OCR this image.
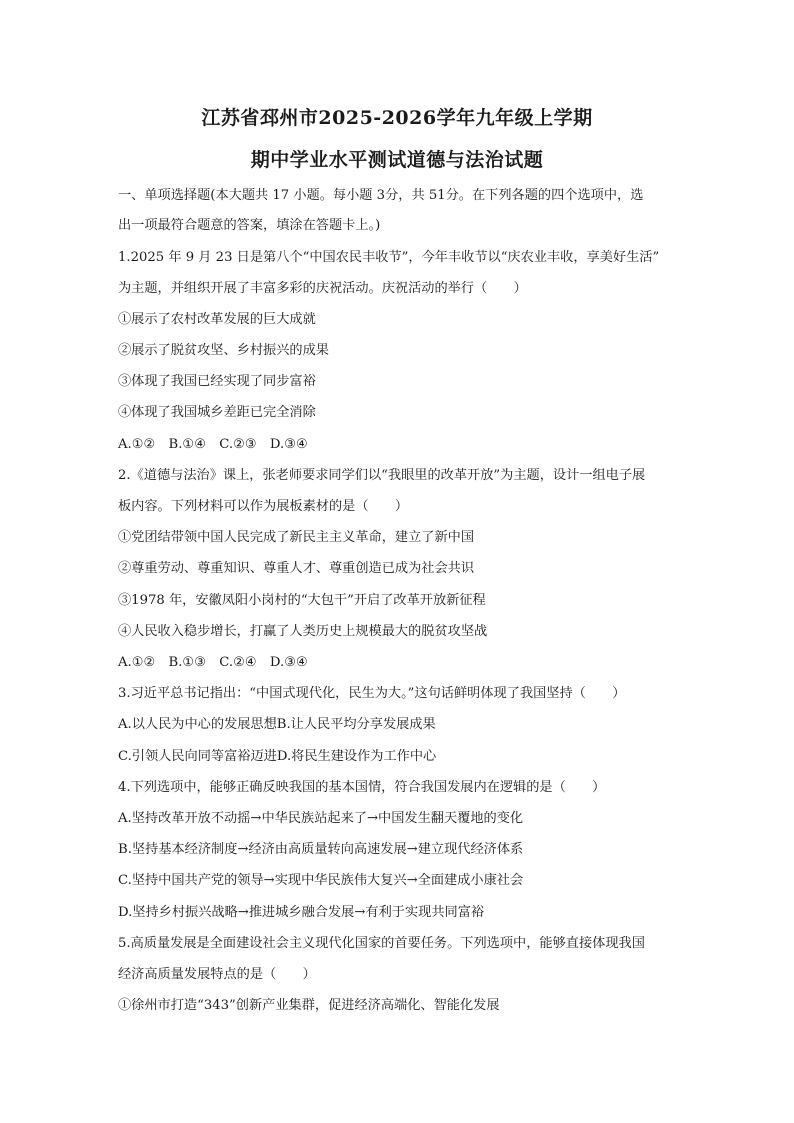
江苏省邳州市2025-2026学年九年级上学期
期中学业水平测试道德与法治试题
一、单项选择题(本大题共 17 小题。每小题 3分，共 51分。在下列各题的四个选项中，选
出一项最符合题意的答案，填涂在答题卡上。)
1.2025 年 9 月 23 日是第八个“中国农民丰收节”，今年丰收节以“庆农业丰收，享美好生活”
为主题，并组织开展了丰富多彩的庆祝活动。庆祝活动的举行（　　）
①展示了农村改革发展的巨大成就
②展示了脱贫攻坚、乡村振兴的成果
③体现了我国已经实现了同步富裕
④体现了我国城乡差距已完全消除
A.①②　B.①④　C.②③　D.③④
2.《道德与法治》课上，张老师要求同学们以“我眼里的改革开放”为主题，设计一组电子展
板内容。下列材料可以作为展板素材的是（　　）
①党团结带领中国人民完成了新民主主义革命，建立了新中国
②尊重劳动、尊重知识、尊重人才、尊重创造已成为社会共识
③1978 年，安徽凤阳小岗村的“大包干”开启了改革开放新征程
④人民收入稳步增长，打赢了人类历史上规模最大的脱贫攻坚战
A.①②　B.①③　C.②④　D.③④
3.习近平总书记指出：“中国式现代化，民生为大。”这句话鲜明体现了我国坚持（　　）
A.以人民为中心的发展思想B.让人民平均分享发展成果
C.引领人民向同等富裕迈进D.将民生建设作为工作中心
4.下列选项中，能够正确反映我国的基本国情，符合我国发展内在逻辑的是（　　）
A.坚持改革开放不动摇→中华民族站起来了→中国发生翻天覆地的变化
B.坚持基本经济制度→经济由高质量转向高速发展→建立现代经济体系
C.坚持中国共产党的领导→实现中华民族伟大复兴→全面建成小康社会
D.坚持乡村振兴战略→推进城乡融合发展→有利于实现共同富裕
5.高质量发展是全面建设社会主义现代化国家的首要任务。下列选项中，能够直接体现我国
经济高质量发展特点的是（　　）
①徐州市打造“343”创新产业集群，促进经济高端化、智能化发展
